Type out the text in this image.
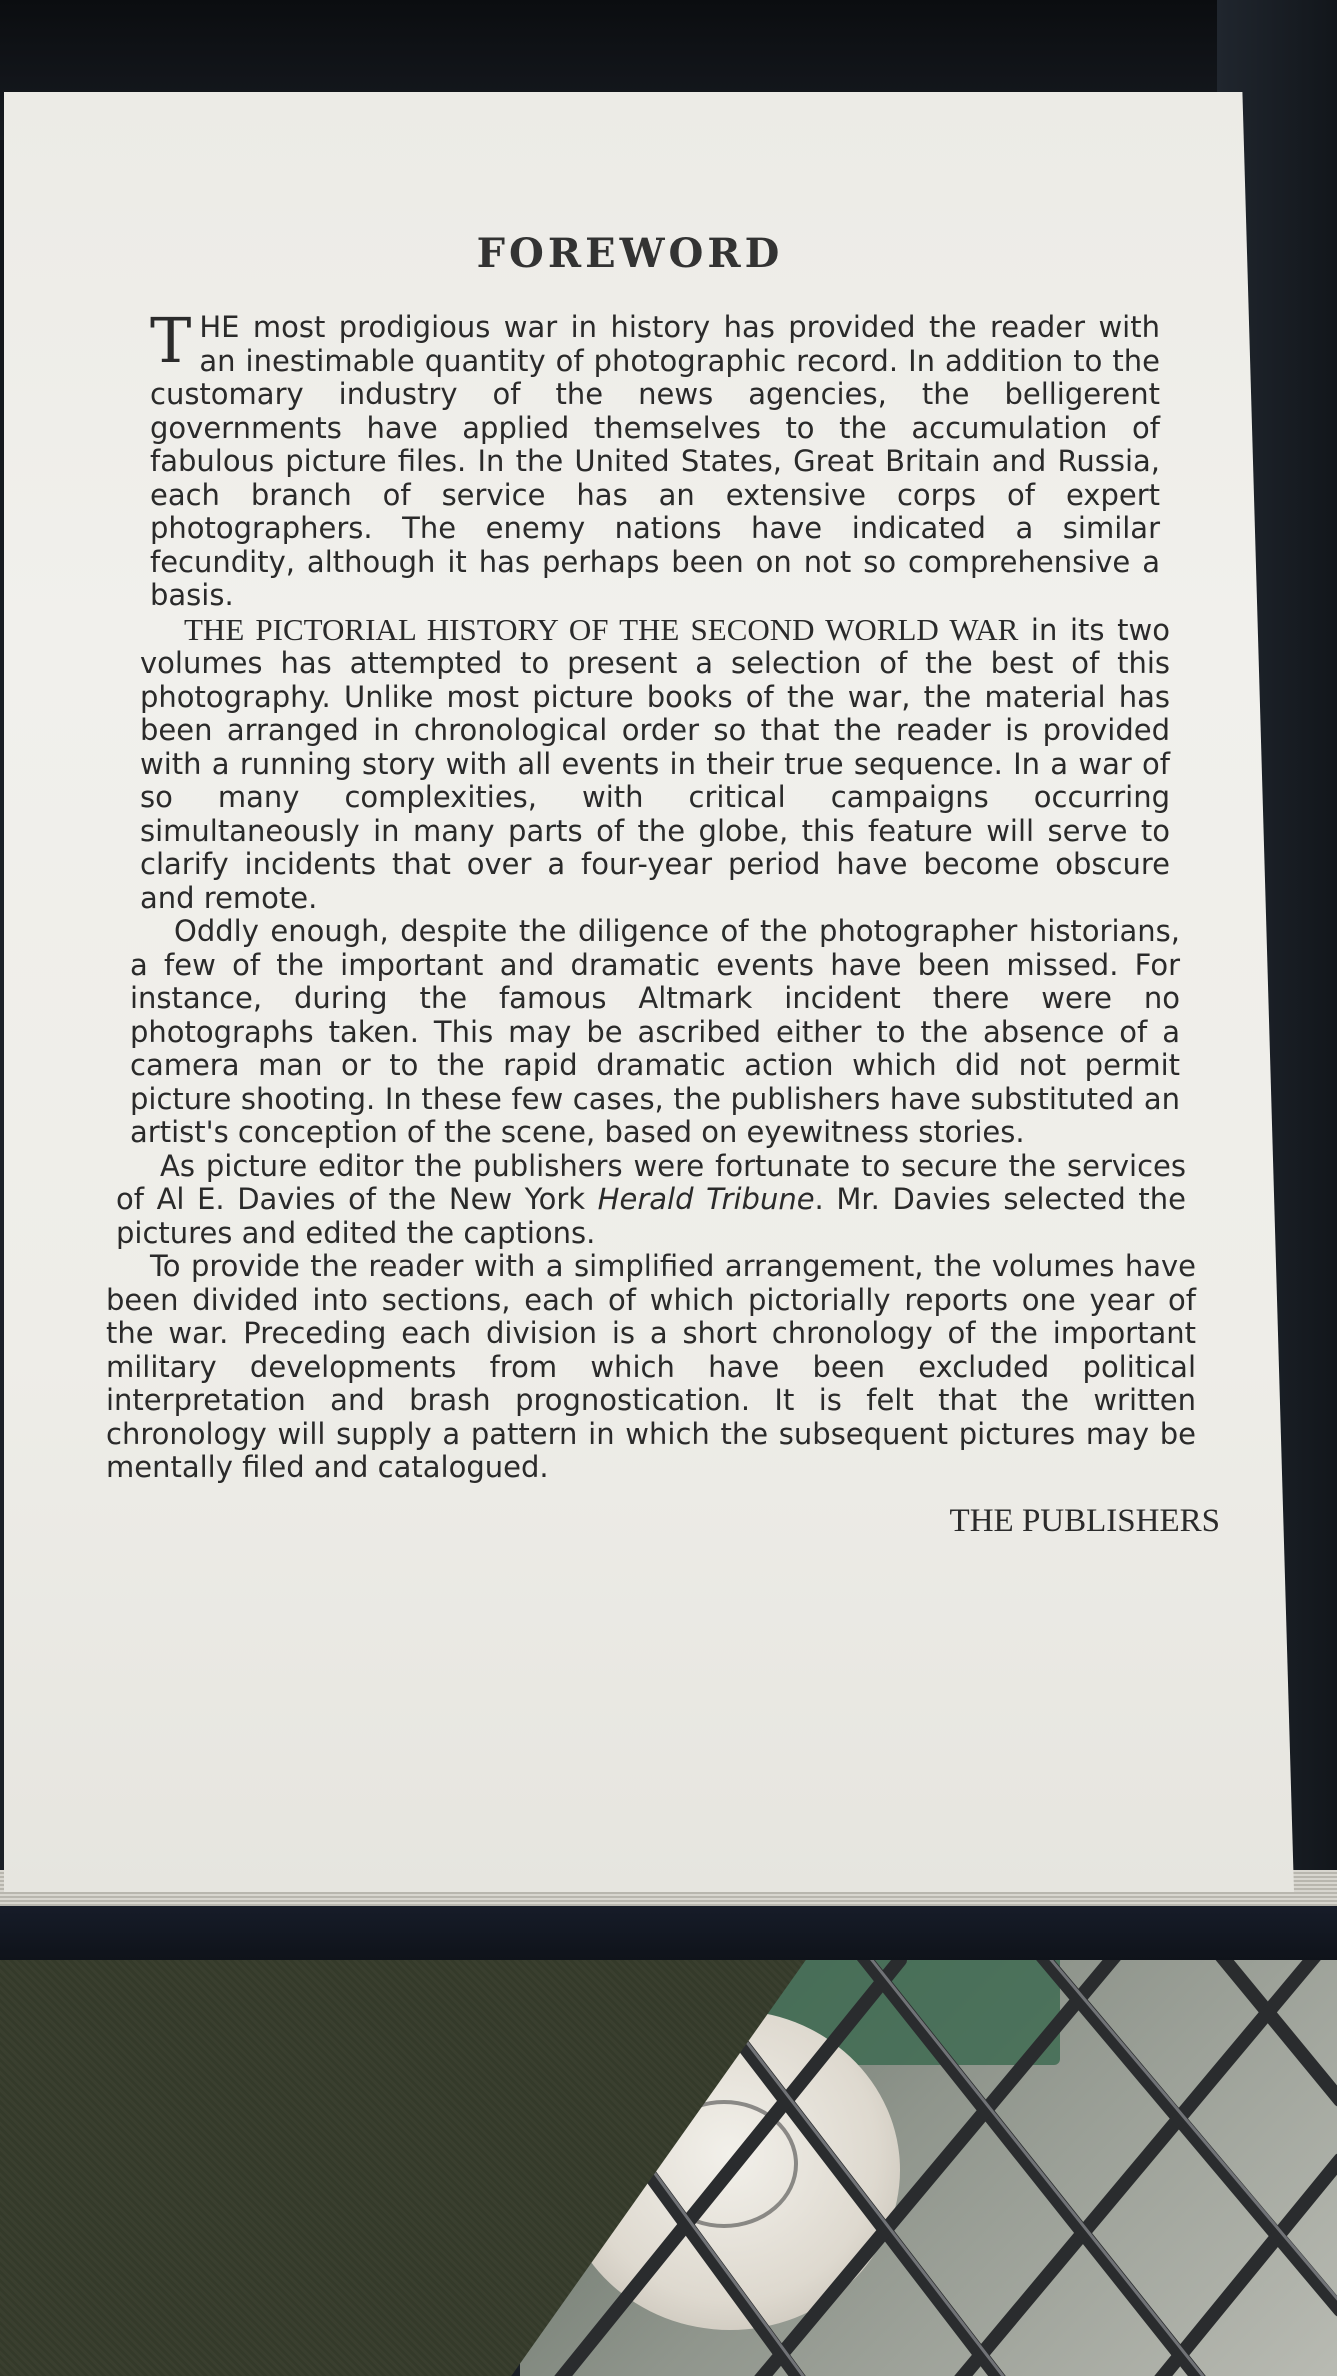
FOREWORD

THE most prodigious war in history has provided the reader with an inestimable quantity of photographic record. In addition to the customary industry of the news agencies, the belligerent governments have applied themselves to the accumulation of fabulous picture files. In the United States, Great Britain and Russia, each branch of service has an extensive corps of expert photographers. The enemy nations have indicated a similar fecundity, although it has perhaps been on not so comprehensive a basis.

THE PICTORIAL HISTORY OF THE SECOND WORLD WAR in its two volumes has attempted to present a selection of the best of this photography. Unlike most picture books of the war, the material has been arranged in chronological order so that the reader is provided with a running story with all events in their true sequence. In a war of so many complexities, with critical campaigns occurring simultaneously in many parts of the globe, this feature will serve to clarify incidents that over a four-year period have become obscure and remote.

Oddly enough, despite the diligence of the photographer historians, a few of the important and dramatic events have been missed. For instance, during the famous Altmark incident there were no photographs taken. This may be ascribed either to the absence of a camera man or to the rapid dramatic action which did not permit picture shooting. In these few cases, the publishers have substituted an artist's conception of the scene, based on eyewitness stories.

As picture editor the publishers were fortunate to secure the services of Al E. Davies of the New York Herald Tribune. Mr. Davies selected the pictures and edited the captions.

To provide the reader with a simplified arrangement, the volumes have been divided into sections, each of which pictorially reports one year of the war. Preceding each division is a short chronology of the important military developments from which have been excluded political interpretation and brash prognostication. It is felt that the written chronology will supply a pattern in which the subsequent pictures may be mentally filed and catalogued.

THE PUBLISHERS
